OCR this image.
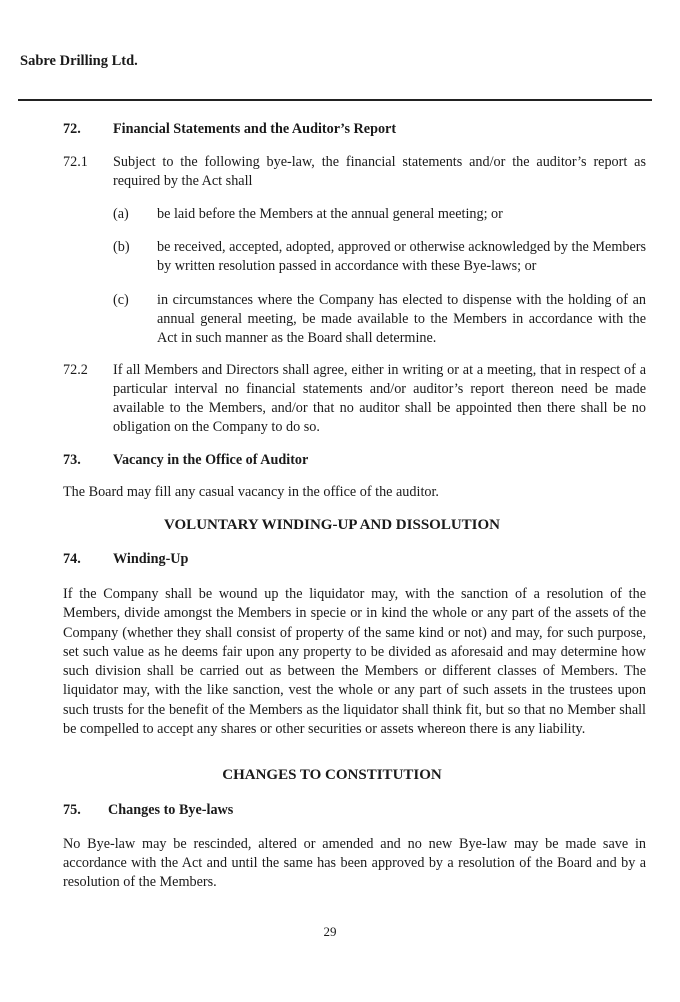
Sabre Drilling Ltd.
72. Financial Statements and the Auditor’s Report
72.1 Subject to the following bye-law, the financial statements and/or the auditor’s report as required by the Act shall
(a) be laid before the Members at the annual general meeting; or
(b) be received, accepted, adopted, approved or otherwise acknowledged by the Members by written resolution passed in accordance with these Bye-laws; or
(c) in circumstances where the Company has elected to dispense with the holding of an annual general meeting, be made available to the Members in accordance with the Act in such manner as the Board shall determine.
72.2 If all Members and Directors shall agree, either in writing or at a meeting, that in respect of a particular interval no financial statements and/or auditor’s report thereon need be made available to the Members, and/or that no auditor shall be appointed then there shall be no obligation on the Company to do so.
73. Vacancy in the Office of Auditor
The Board may fill any casual vacancy in the office of the auditor.
VOLUNTARY WINDING-UP AND DISSOLUTION
74. Winding-Up
If the Company shall be wound up the liquidator may, with the sanction of a resolution of the Members, divide amongst the Members in specie or in kind the whole or any part of the assets of the Company (whether they shall consist of property of the same kind or not) and may, for such purpose, set such value as he deems fair upon any property to be divided as aforesaid and may determine how such division shall be carried out as between the Members or different classes of Members. The liquidator may, with the like sanction, vest the whole or any part of such assets in the trustees upon such trusts for the benefit of the Members as the liquidator shall think fit, but so that no Member shall be compelled to accept any shares or other securities or assets whereon there is any liability.
CHANGES TO CONSTITUTION
75. Changes to Bye-laws
No Bye-law may be rescinded, altered or amended and no new Bye-law may be made save in accordance with the Act and until the same has been approved by a resolution of the Board and by a resolution of the Members.
29
